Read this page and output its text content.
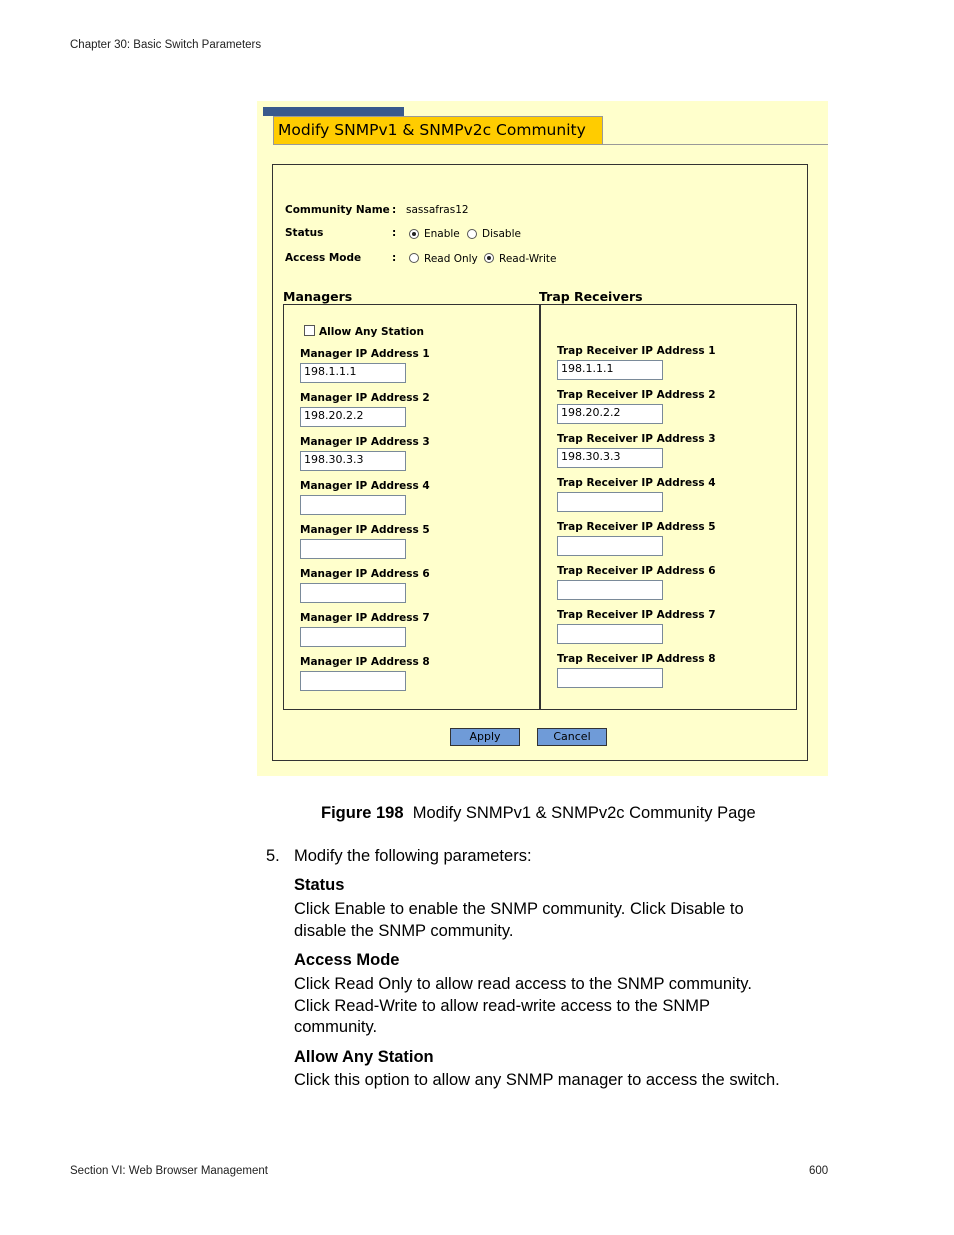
Chapter 30: Basic Switch Parameters
Modify SNMPv1 & SNMPv2c Community
Community Name : sassafras12
Status	:	Enable Disable
Access Mode	:	Read Only Read-Write
Managers	Trap Receivers
Allow Any Station
Manager IP Address 1
198.1.1.1
Manager IP Address 2
198.20.2.2
Manager IP Address 3
198.30.3.3
Manager IP Address 4
Manager IP Address 5
Manager IP Address 6
Manager IP Address 7
Manager IP Address 8
Trap Receiver IP Address 1
198.1.1.1
Trap Receiver IP Address 2
198.20.2.2
Trap Receiver IP Address 3
198.30.3.3
Trap Receiver IP Address 4
Trap Receiver IP Address 5
Trap Receiver IP Address 6
Trap Receiver IP Address 7
Trap Receiver IP Address 8
Apply	Cancel
Figure 198 Modify SNMPv1 & SNMPv2c Community Page
5. Modify the following parameters:
Status
Click Enable to enable the SNMP community. Click Disable to
disable the SNMP community.
Access Mode
Click Read Only to allow read access to the SNMP community.
Click Read-Write to allow read-write access to the SNMP
community.
Allow Any Station
Click this option to allow any SNMP manager to access the switch.
Section VI: Web Browser Management	600
